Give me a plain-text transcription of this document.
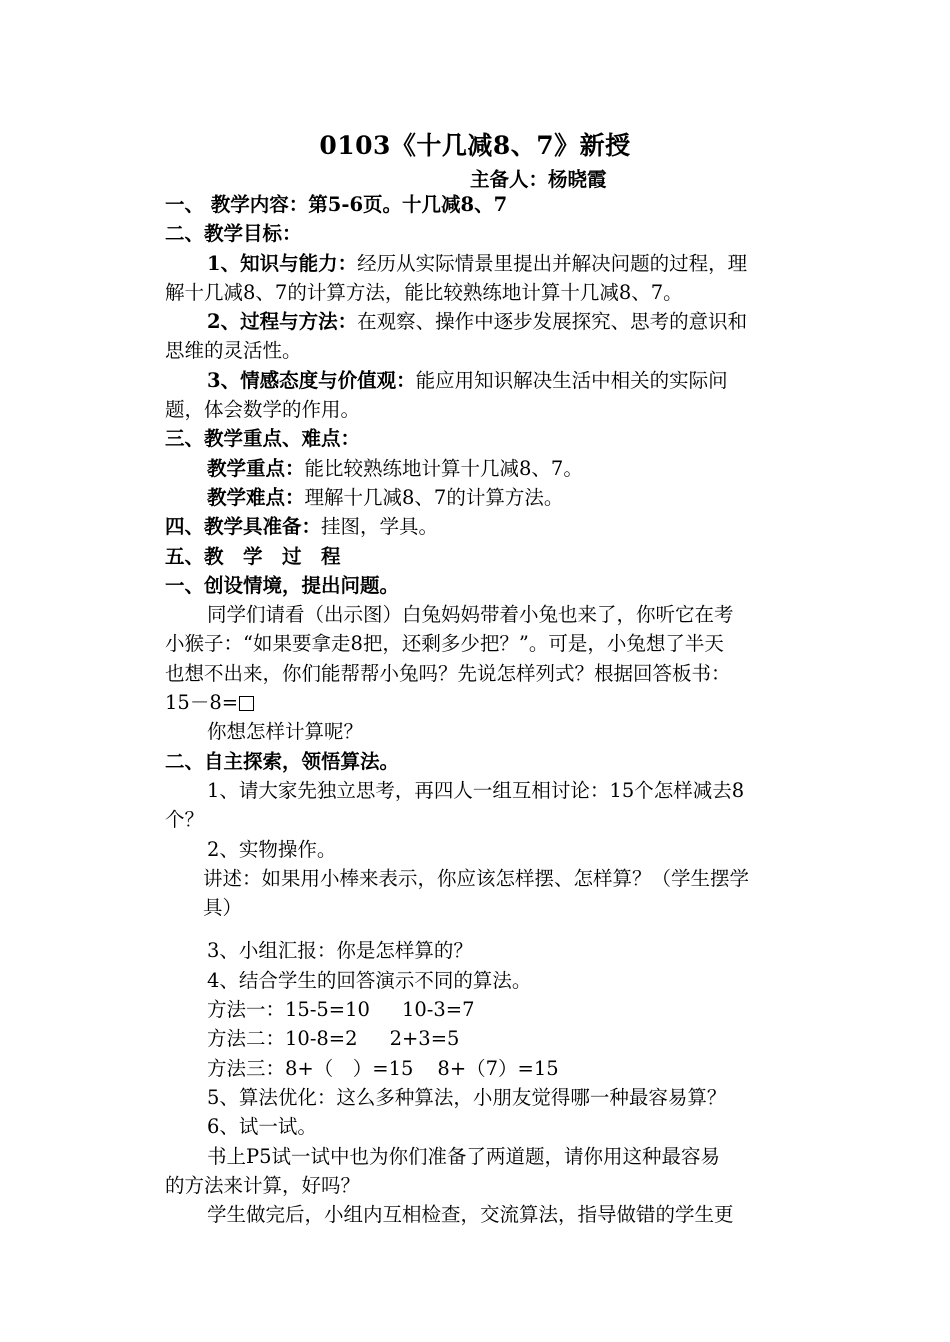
0103《十几减8、7》新授
主备人：杨晓霞
一、 教学内容：第5-6页。十几减8、7
二、教学目标：
1、知识与能力：经历从实际情景里提出并解决问题的过程，理
解十几减8、7的计算方法，能比较熟练地计算十几减8、7。
2、过程与方法：在观察、操作中逐步发展探究、思考的意识和
思维的灵活性。
3、情感态度与价值观：能应用知识解决生活中相关的实际问
题，体会数学的作用。
三、教学重点、难点：
教学重点：能比较熟练地计算十几减8、7。
教学难点：理解十几减8、7的计算方法。
四、教学具准备：挂图，学具。
五、教　学　过　程
一、创设情境，提出问题。
同学们请看（出示图）白兔妈妈带着小兔也来了，你听它在考
小猴子：“如果要拿走8把，还剩多少把？”。可是，小兔想了半天
也想不出来，你们能帮帮小兔吗？先说怎样列式？根据回答板书：
15－8=
你想怎样计算呢？
二、自主探索，领悟算法。
1、请大家先独立思考，再四人一组互相讨论：15个怎样减去8
个？
2、实物操作。
讲述：如果用小棒来表示，你应该怎样摆、怎样算？（学生摆学
具）
3、小组汇报：你是怎样算的？
4、结合学生的回答演示不同的算法。
方法一：15-5=10 10-3=7
方法二：10-8=2 2+3=5
方法三：8+（　）=15 8+（7）=15
5、算法优化：这么多种算法，小朋友觉得哪一种最容易算？
6、试一试。
书上P5试一试中也为你们准备了两道题，请你用这种最容易
的方法来计算，好吗？
学生做完后，小组内互相检查，交流算法，指导做错的学生更
